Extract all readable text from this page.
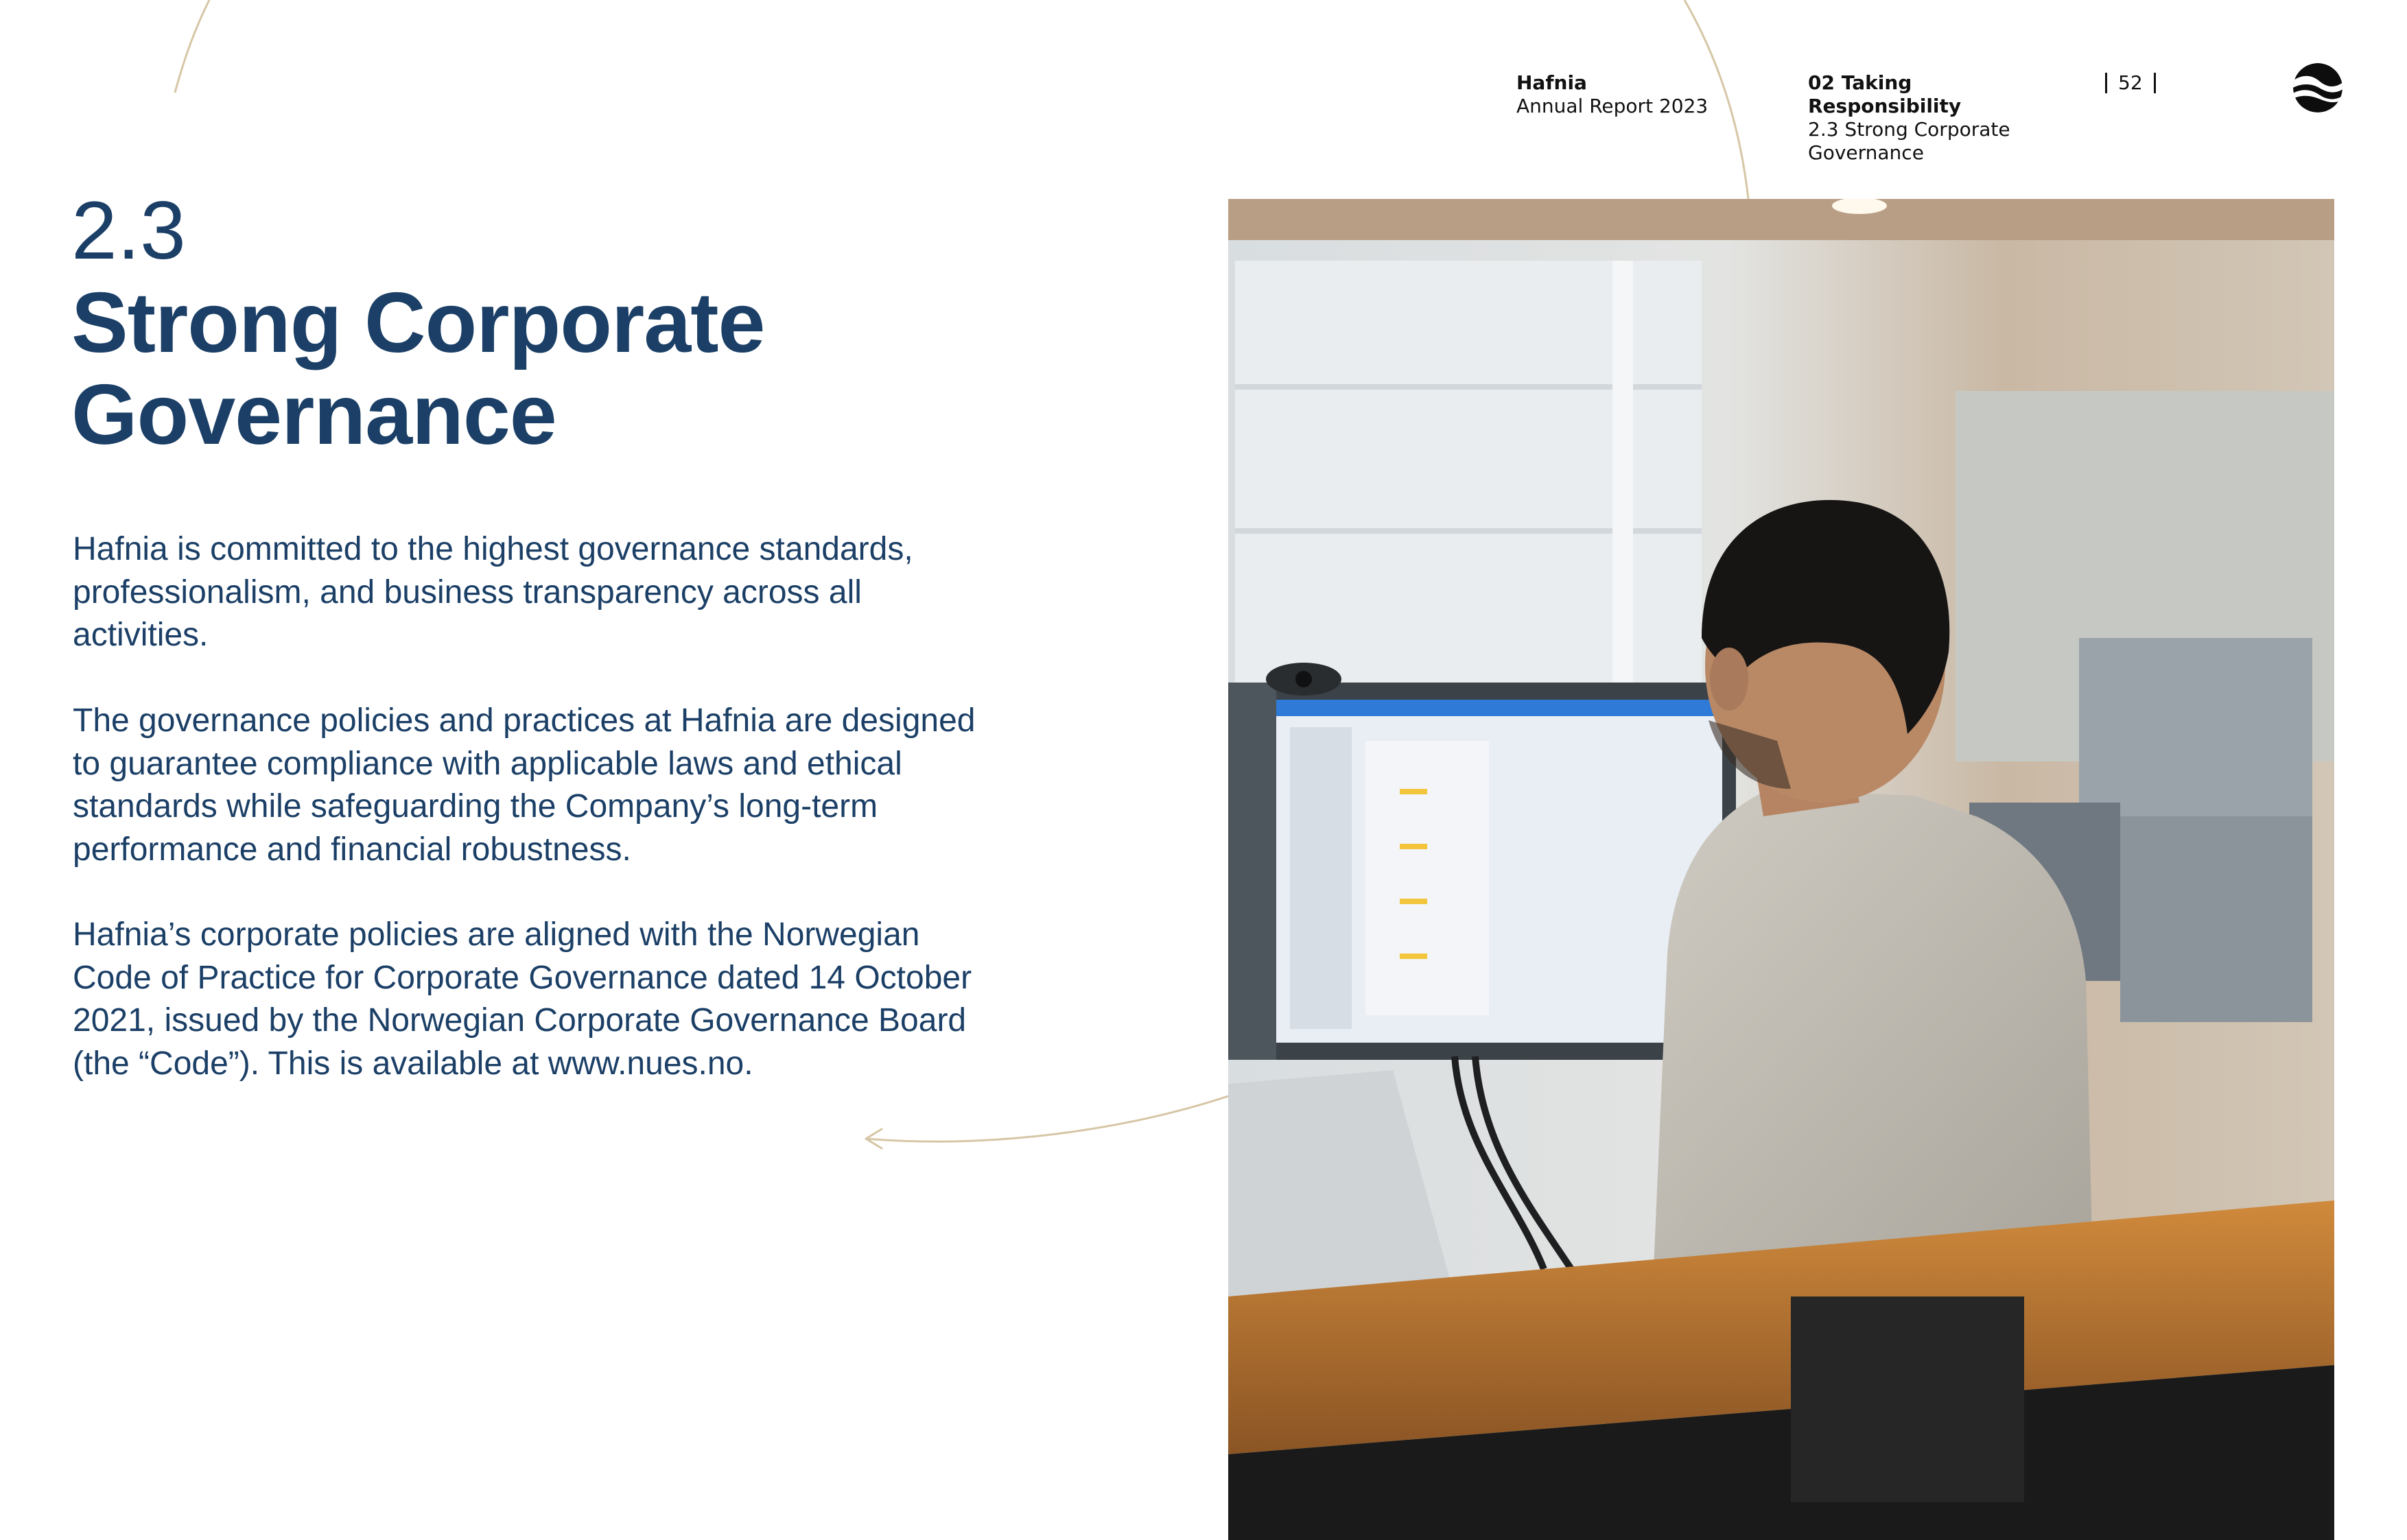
Hafnia
Annual Report 2023
02 Taking Responsibility
2.3 Strong Corporate Governance
52
2.3
Strong Corporate Governance

Hafnia is committed to the highest governance standards, professionalism, and business transparency across all activities.

The governance policies and practices at Hafnia are designed to guarantee compliance with applicable laws and ethical standards while safeguarding the Company’s long-term performance and financial robustness.

Hafnia’s corporate policies are aligned with the Norwegian Code of Practice for Corporate Governance dated 14 October 2021, issued by the Norwegian Corporate Governance Board (the “Code”). This is available at www.nues.no.
